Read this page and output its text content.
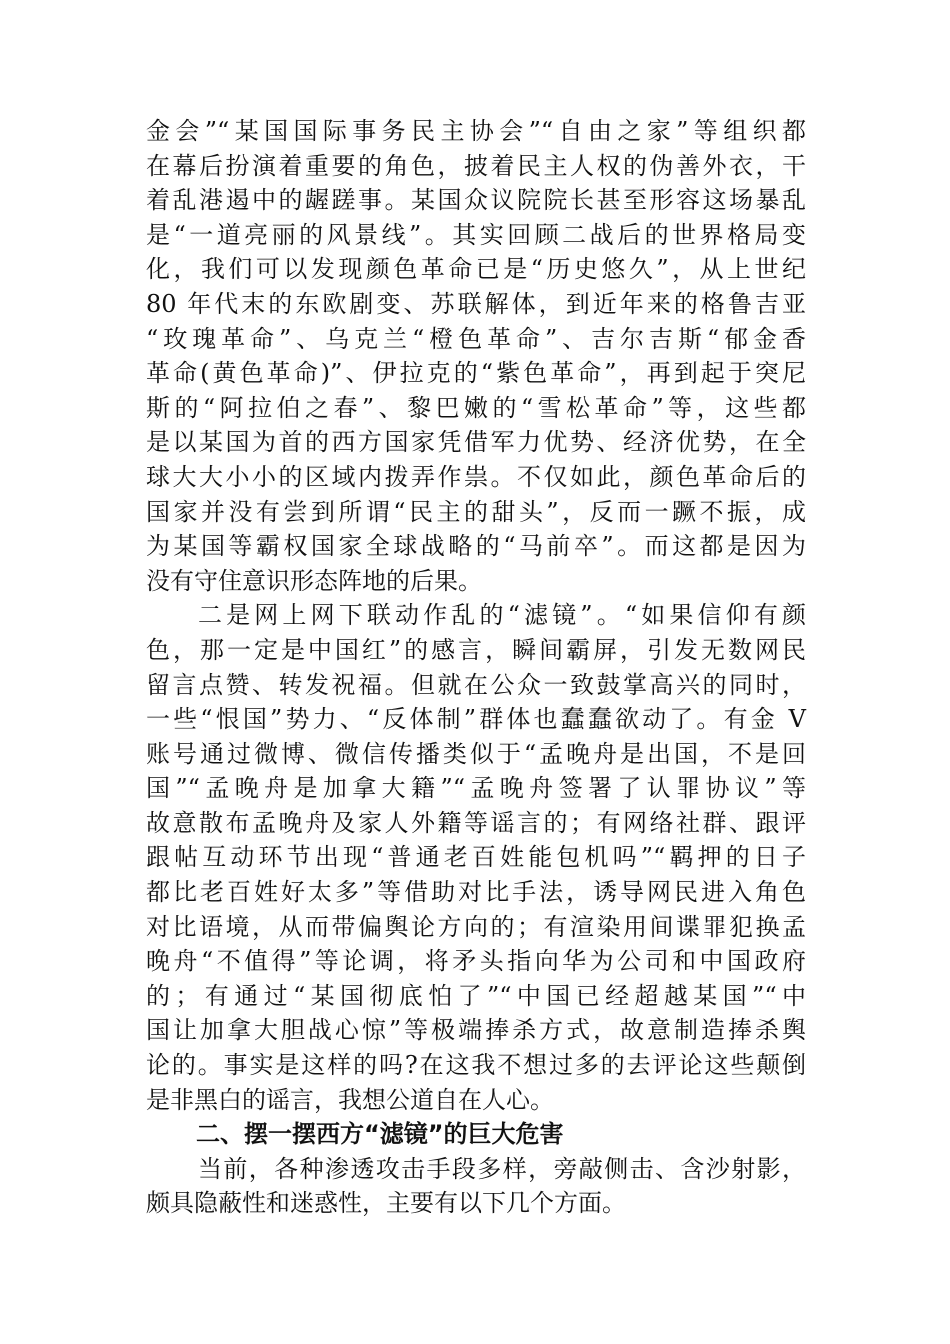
金会”“某国国际事务民主协会”“自由之家”等组织都
在幕后扮演着重要的角色，披着民主人权的伪善外衣，干
着乱港遏中的龌蹉事。某国众议院院长甚至形容这场暴乱
是“一道亮丽的风景线”。其实回顾二战后的世界格局变
化，我们可以发现颜色革命已是“历史悠久”，从上世纪
80 年代末的东欧剧变、苏联解体，到近年来的格鲁吉亚
“玫瑰革命”、乌克兰“橙色革命”、吉尔吉斯“郁金香
革命(黄色革命)”、伊拉克的“紫色革命”，再到起于突尼
斯的“阿拉伯之春”、黎巴嫩的“雪松革命”等，这些都
是以某国为首的西方国家凭借军力优势、经济优势，在全
球大大小小的区域内拨弄作祟。不仅如此，颜色革命后的
国家并没有尝到所谓“民主的甜头”，反而一蹶不振，成
为某国等霸权国家全球战略的“马前卒”。而这都是因为
没有守住意识形态阵地的后果。
二是网上网下联动作乱的“滤镜”。“如果信仰有颜
色，那一定是中国红”的感言，瞬间霸屏，引发无数网民
留言点赞、转发祝福。但就在公众一致鼓掌高兴的同时，
一些“恨国”势力、“反体制”群体也蠢蠢欲动了。有金 V
账号通过微博、微信传播类似于“孟晚舟是出国，不是回
国”“孟晚舟是加拿大籍”“孟晚舟签署了认罪协议”等
故意散布孟晚舟及家人外籍等谣言的；有网络社群、跟评
跟帖互动环节出现“普通老百姓能包机吗”“羁押的日子
都比老百姓好太多”等借助对比手法，诱导网民进入角色
对比语境，从而带偏舆论方向的；有渲染用间谍罪犯换孟
晚舟“不值得”等论调，将矛头指向华为公司和中国政府
的；有通过“某国彻底怕了”“中国已经超越某国”“中
国让加拿大胆战心惊”等极端捧杀方式，故意制造捧杀舆
论的。事实是这样的吗?在这我不想过多的去评论这些颠倒
是非黑白的谣言，我想公道自在人心。
二、摆一摆西方“滤镜”的巨大危害
当前，各种渗透攻击手段多样，旁敲侧击、含沙射影，
颇具隐蔽性和迷惑性，主要有以下几个方面。
